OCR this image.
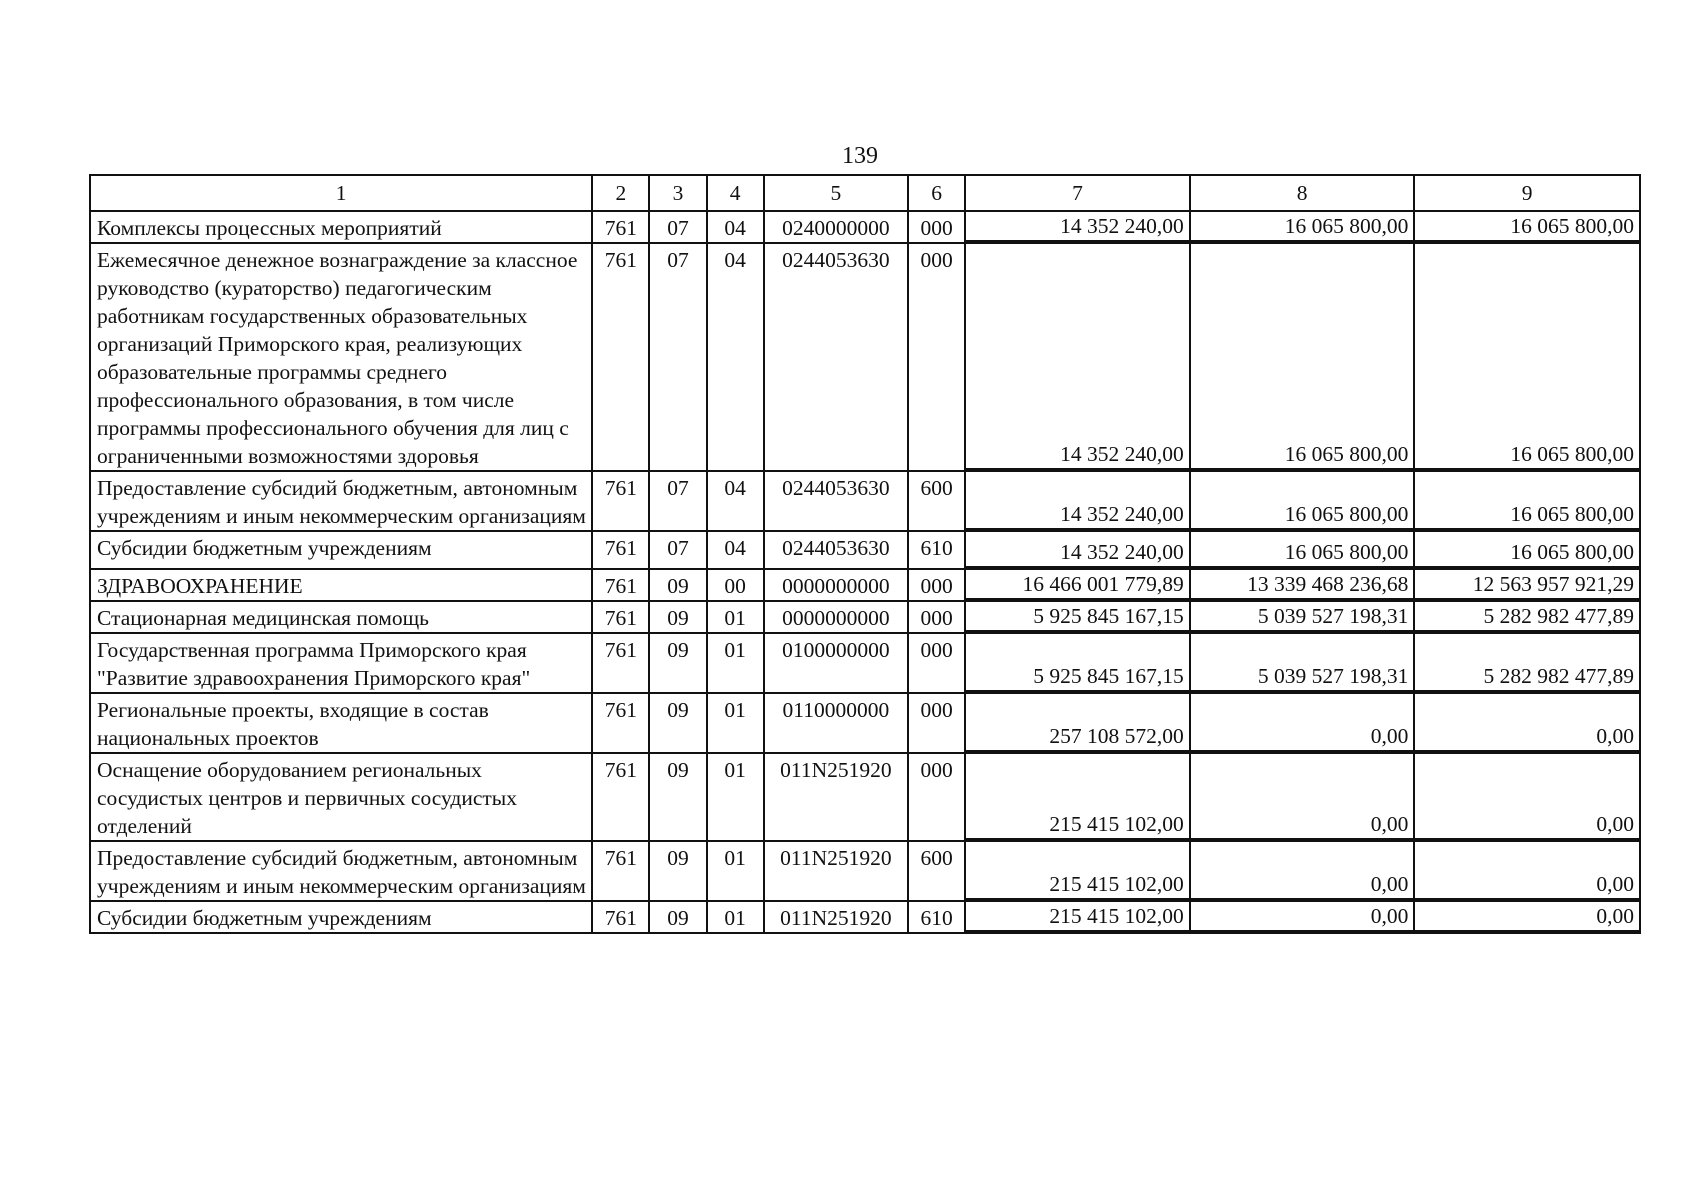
139
1	2	3	4	5	6	7	8	9
Комплексы процессных мероприятий	761	07	04	0240000000	000	14 352 240,00	16 065 800,00	16 065 800,00

Ежемесячное денежное вознаграждение за классное руководство (кураторство) педагогическим работникам государственных образовательных организаций Приморского края, реализующих образовательные программы среднего профессионального образования, в том числе программы профессионального обучения для лиц с ограниченными возможностями здоровья	761	07	04	0244053630	000	14 352 240,00	16 065 800,00	16 065 800,00

Предоставление субсидий бюджетным, автономным учреждениям и иным некоммерческим организациям	761	07	04	0244053630	600	14 352 240,00	16 065 800,00	16 065 800,00

Субсидии бюджетным учреждениям	761	07	04	0244053630	610	14 352 240,00	16 065 800,00	16 065 800,00

ЗДРАВООХРАНЕНИЕ	761	09	00	0000000000	000	16 466 001 779,89	13 339 468 236,68	12 563 957 921,29

Стационарная медицинская помощь	761	09	01	0000000000	000	5 925 845 167,15	5 039 527 198,31	5 282 982 477,89

Государственная программа Приморского края "Развитие здравоохранения Приморского края"	761	09	01	0100000000	000	5 925 845 167,15	5 039 527 198,31	5 282 982 477,89

Региональные проекты, входящие в состав национальных проектов	761	09	01	0110000000	000	257 108 572,00	0,00	0,00

Оснащение оборудованием региональных сосудистых центров и первичных сосудистых отделений	761	09	01	011N251920	000	215 415 102,00	0,00	0,00

Предоставление субсидий бюджетным, автономным учреждениям и иным некоммерческим организациям	761	09	01	011N251920	600	215 415 102,00	0,00	0,00

Субсидии бюджетным учреждениям	761	09	01	011N251920	610	215 415 102,00	0,00	0,00
